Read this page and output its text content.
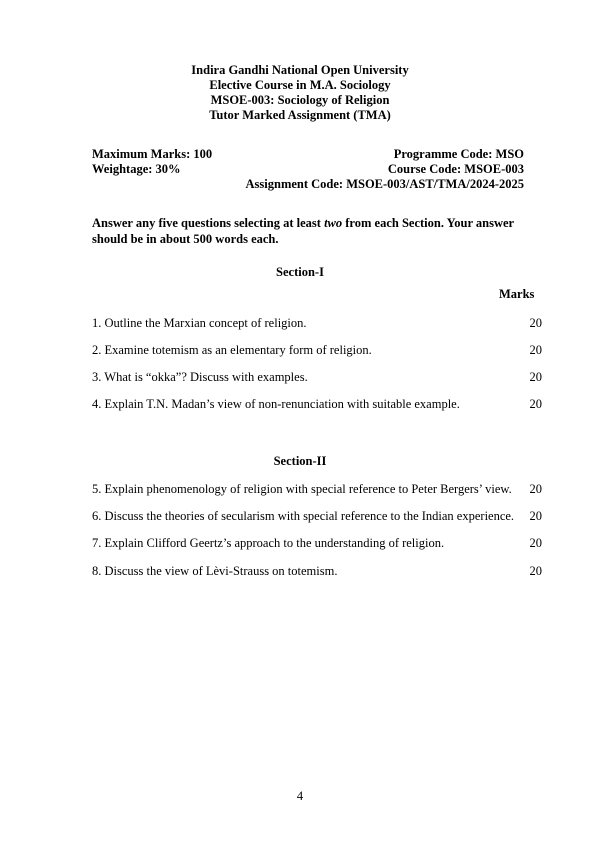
Indira Gandhi National Open University
Elective Course in M.A. Sociology
MSOE-003: Sociology of Religion
Tutor Marked Assignment (TMA)
Maximum Marks: 100	Programme Code: MSO
Weightage: 30%	Course Code: MSOE-003
Assignment Code: MSOE-003/AST/TMA/2024-2025
Answer any five questions selecting at least two from each Section. Your answer should be in about 500 words each.
Section-I
Marks
1. Outline the Marxian concept of religion.	20
2. Examine totemism as an elementary form of religion.	20
3. What is “okka”? Discuss with examples.	20
4. Explain T.N. Madan’s view of non-renunciation with suitable example.	20
Section-II
5. Explain phenomenology of religion with special reference to Peter Bergers’ view. 20
6. Discuss the theories of secularism with special reference to the Indian experience. 20
7. Explain Clifford Geertz’s approach to the understanding of religion.	20
8. Discuss the view of Lèvi-Strauss on totemism.	20
4
